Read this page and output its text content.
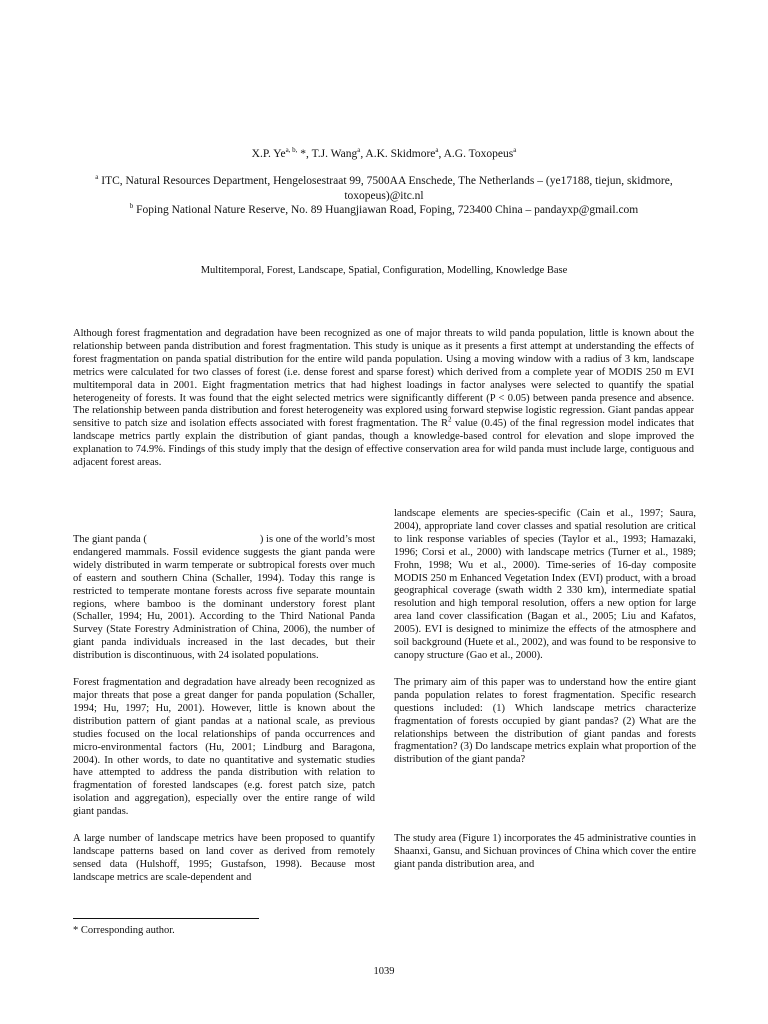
X.P. $Ye^{a, b,}$ *, T.J. Wang$^a$, A.K. Skidmore$^a$, A.G. Toxopeus$^a$
$^a$ ITC, Natural Resources Department, Hengelosestraat 99, 7500AA Enschede, The Netherlands – (ye17188, tiejun, skidmore, toxopeus)@itc.nl
$^b$ Foping National Nature Reserve, No. 89 Huangjiawan Road, Foping, 723400 China – pandayxp@gmail.com
Multitemporal, Forest, Landscape, Spatial, Configuration, Modelling, Knowledge Base

Although forest fragmentation and degradation have been recognized as one of major threats to wild panda population, little is known about the relationship between panda distribution and forest fragmentation. This study is unique as it presents a first attempt at understanding the effects of forest fragmentation on panda spatial distribution for the entire wild panda population. Using a moving window with a radius of 3 km, landscape metrics were calculated for two classes of forest (i.e. dense forest and sparse forest) which derived from a complete year of MODIS 250 m EVI multitemporal data in 2001. Eight fragmentation metrics that had highest loadings in factor analyses were selected to quantify the spatial heterogeneity of forests. It was found that the eight selected metrics were significantly different (P < 0.05) between panda presence and absence. The relationship between panda distribution and forest heterogeneity was explored using forward stepwise logistic regression. Giant pandas appear sensitive to patch size and isolation effects associated with forest fragmentation. The $R^2$ value (0.45) of the final regression model indicates that landscape metrics partly explain the distribution of giant pandas, though a knowledge-based control for elevation and slope improved the explanation to 74.9%. Findings of this study imply that the design of effective conservation area for wild panda must include large, contiguous and adjacent forest areas.

The giant panda (	) is one of the world’s most endangered mammals. Fossil evidence suggests the giant panda were widely distributed in warm temperate or subtropical forests over much of eastern and southern China (Schaller, 1994). Today this range is restricted to temperate montane forests across five separate mountain regions, where bamboo is the dominant understory forest plant (Schaller, 1994; Hu, 2001). According to the Third National Panda Survey (State Forestry Administration of China, 2006), the number of giant panda individuals increased in the last decades, but their distribution is discontinuous, with 24 isolated populations.

Forest fragmentation and degradation have already been recognized as major threats that pose a great danger for panda population (Schaller, 1994; Hu, 1997; Hu, 2001). However, little is known about the distribution pattern of giant pandas at a national scale, as previous studies focused on the local relationships of panda occurrences and micro-environmental factors (Hu, 2001; Lindburg and Baragona, 2004). In other words, to date no quantitative and systematic studies have attempted to address the panda distribution with relation to fragmentation of forested landscapes (e.g. forest patch size, patch isolation and aggregation), especially over the entire range of wild giant pandas.

A large number of landscape metrics have been proposed to quantify landscape patterns based on land cover as derived from remotely sensed data (Hulshoff, 1995; Gustafson, 1998). Because most landscape metrics are scale-dependent and

landscape elements are species-specific (Cain et al., 1997; Saura, 2004), appropriate land cover classes and spatial resolution are critical to link response variables of species (Taylor et al., 1993; Hamazaki, 1996; Corsi et al., 2000) with landscape metrics (Turner et al., 1989; Frohn, 1998; Wu et al., 2000). Time-series of 16-day composite MODIS 250 m Enhanced Vegetation Index (EVI) product, with a broad geographical coverage (swath width 2 330 km), intermediate spatial resolution and high temporal resolution, offers a new option for large area land cover classification (Bagan et al., 2005; Liu and Kafatos, 2005). EVI is designed to minimize the effects of the atmosphere and soil background (Huete et al., 2002), and was found to be responsive to canopy structure (Gao et al., 2000).

The primary aim of this paper was to understand how the entire giant panda population relates to forest fragmentation. Specific research questions included: (1) Which landscape metrics characterize fragmentation of forests occupied by giant pandas? (2) What are the relationships between the distribution of giant pandas and forests fragmentation? (3) Do landscape metrics explain what proportion of the distribution of the giant panda?

The study area (Figure 1) incorporates the 45 administrative counties in Shaanxi, Gansu, and Sichuan provinces of China which cover the entire giant panda distribution area, and

* Corresponding author.
1039
